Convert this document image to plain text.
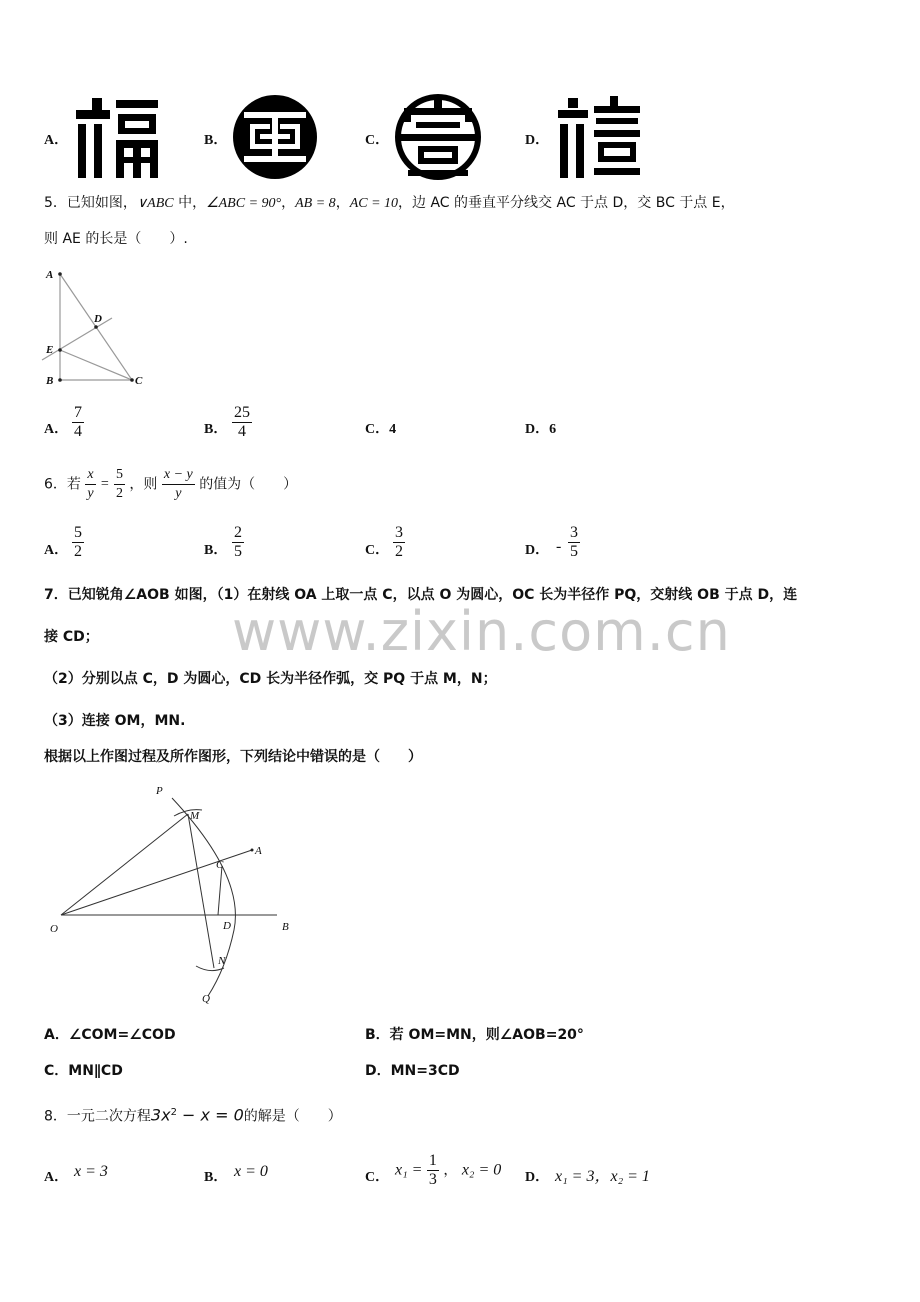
www.zixin.com.cn
A．	B．	C．	D．
5．已知如图，∨ABC 中，∠ABC = 90°，AB = 8，AC = 10，边 AC 的垂直平分线交 AC 于点 D，交 BC 于点 E，
则 AE 的长是（　　）.
A
D
E
B	C
A． $\frac{7}{4}$	B． $\frac{25}{4}$	C．4	D．6
6．若 $\frac{x}{y} = \frac{5}{2}$ ，则 $\frac{x - y}{y}$ 的值为（　　）
A． $\frac{5}{2}$	B． $\frac{2}{5}$	C． $\frac{3}{2}$	D． - $\frac{3}{5}$
7．已知锐角∠AOB 如图，（1）在射线 OA 上取一点 C，以点 O 为圆心，OC 长为半径作 PQ，交射线 OB 于点 D，连
接 CD；
（2）分别以点 C，D 为圆心，CD 长为半径作弧，交 PQ 于点 M，N；
（3）连接 OM，MN.
根据以上作图过程及所作图形，下列结论中错误的是（　　）
P
M
A
C
O	D	B
N
Q
A．∠COM=∠COD	B．若 OM=MN，则∠AOB=20°
C．MN∥CD	D．MN=3CD
8．一元二次方程$3x^2 - x = 0$的解是（　　）
A． x = 3	B． x = 0	C． $x_1 = \frac{1}{3}$ ， x₂ = 0 D． x₁ = 3，x₂ = 1
